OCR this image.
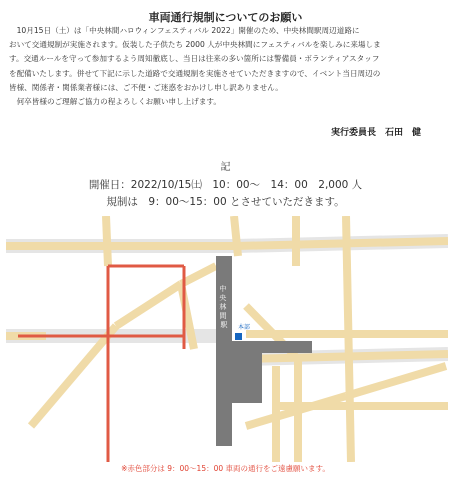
車両通行規制についてのお願い

10月15日（土）は「中央林間ハロウィンフェスティバル 2022」開催のため、中央林間駅周辺道路に

おいて交通規制が実施されます。仮装した子供たち 2000 人が中央林間にフェスティバルを楽しみに来場しま

す。交通ルールを守って参加するよう周知徹底し、当日は往来の多い箇所には警備員・ボランティアスタッフ

を配備いたします。併せて下記に示した道路で交通規制を実施させていただきますので、イベント当日周辺の

皆様、関係者・関係業者様には、ご不便・ご迷惑をおかけし申し訳ありません。

何卒皆様のご理解ご協力の程よろしくお願い申し上げます。

実行委員長　石田　健
記
開催日：2022/10/15㈯　10：00～　14：00　2,000 人
規制は　9：00～15：00 とさせていただきます。
中 央 林 間 駅 本部
※赤色部分は 9：00～15：00 車両の通行をご遠慮願います。
